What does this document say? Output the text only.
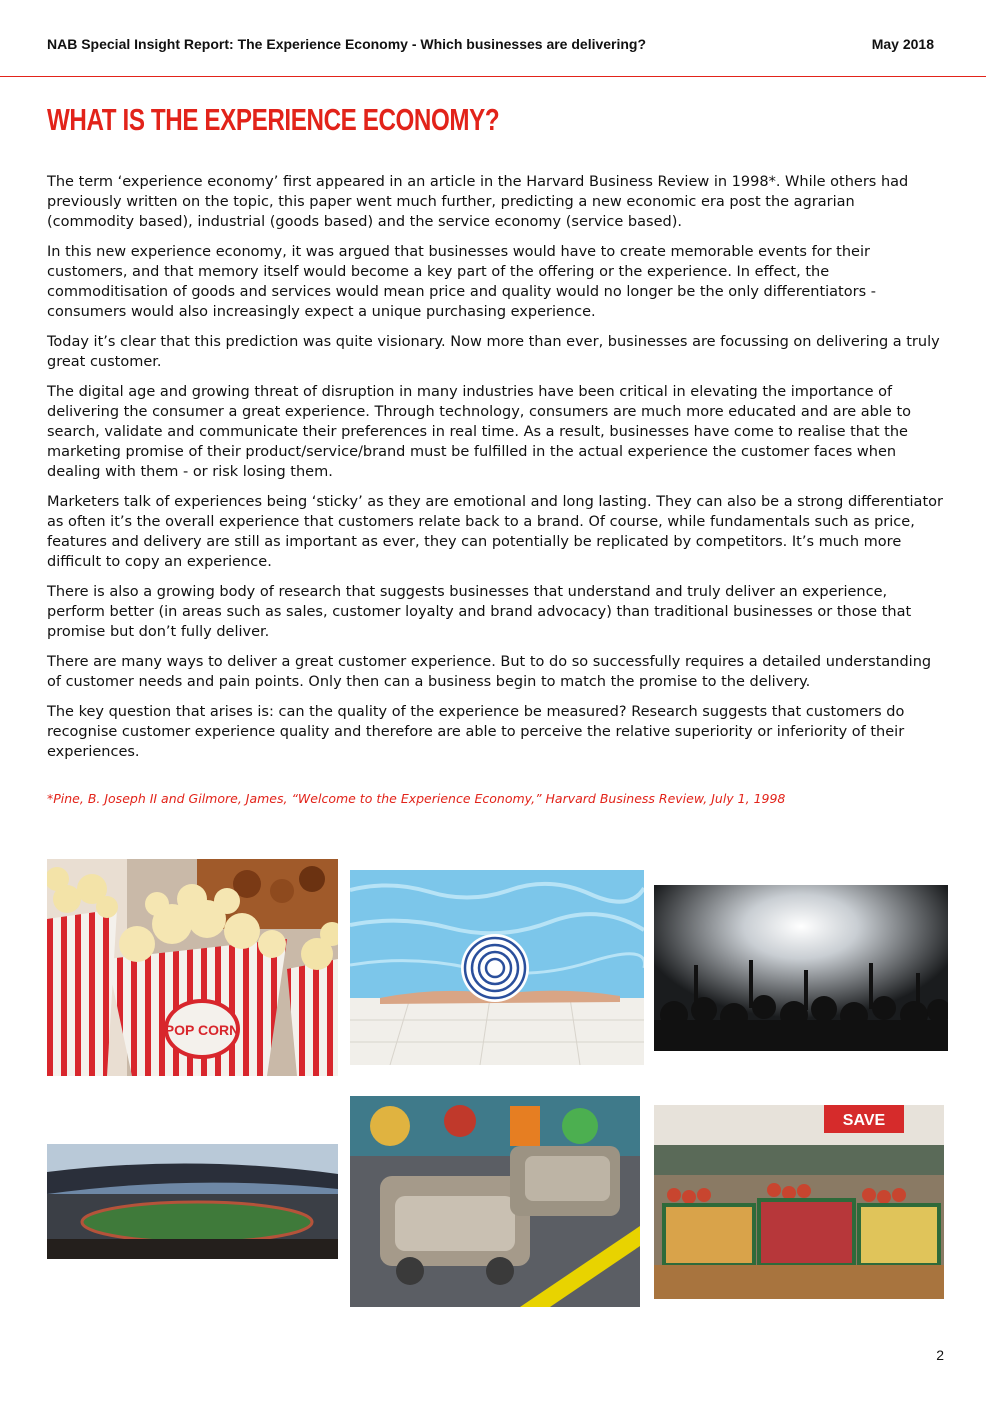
NAB Special Insight Report: The Experience Economy - Which businesses are delivering?	May 2018
WHAT IS THE EXPERIENCE ECONOMY?

The term ‘experience economy’ first appeared in an article in the Harvard Business Review in 1998*. While others had previously written on the topic, this paper went much further, predicting a new economic era post the agrarian (commodity based), industrial (goods based) and the service economy (service based).

In this new experience economy, it was argued that businesses would have to create memorable events for their customers, and that memory itself would become a key part of the offering or the experience. In effect, the commoditisation of goods and services would mean price and quality would no longer be the only differentiators - consumers would also increasingly expect a unique purchasing experience.

Today it’s clear that this prediction was quite visionary. Now more than ever, businesses are focussing on delivering a truly great customer.

The digital age and growing threat of disruption in many industries have been critical in elevating the importance of delivering the consumer a great experience. Through technology, consumers are much more educated and are able to search, validate and communicate their preferences in real time. As a result, businesses have come to realise that the marketing promise of their product/service/brand must be fulfilled in the actual experience the customer faces when dealing with them - or risk losing them.

Marketers talk of experiences being ‘sticky’ as they are emotional and long lasting. They can also be a strong differentiator as often it’s the overall experience that customers relate back to a brand. Of course, while fundamentals such as price, features and delivery are still as important as ever, they can potentially be replicated by competitors. It’s much more difficult to copy an experience.

There is also a growing body of research that suggests businesses that understand and truly deliver an experience, perform better (in areas such as sales, customer loyalty and brand advocacy) than traditional businesses or those that promise but don’t fully deliver.

There are many ways to deliver a great customer experience. But to do so successfully requires a detailed understanding of customer needs and pain points. Only then can a business begin to match the promise to the delivery.

The key question that arises is: can the quality of the experience be measured? Research suggests that customers do recognise customer experience quality and therefore are able to perceive the relative superiority or inferiority of their experiences.

*Pine, B. Joseph II and Gilmore, James, “Welcome to the Experience Economy,” Harvard Business Review, July 1, 1998
POP CORN
SAVE
2
